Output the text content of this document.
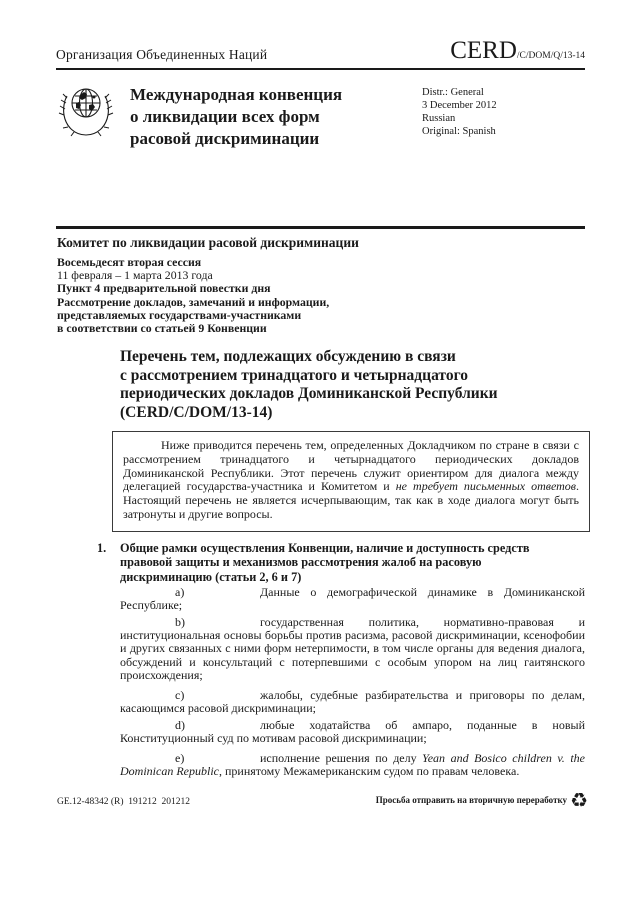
Организация Объединенных Наций	CERD/C/DOM/Q/13-14
Международная конвенция
о ликвидации всех форм
расовой дискриминации
Distr.: General
3 December 2012
Russian
Original: Spanish
Комитет по ликвидации расовой дискриминации
Восемьдесят вторая сессия
11 февраля – 1 марта 2013 года
Пункт 4 предварительной повестки дня
Рассмотрение докладов, замечаний и информации,
представляемых государствами-участниками
в соответствии со статьей 9 Конвенции
Перечень тем, подлежащих обсуждению в связи
с рассмотрением тринадцатого и четырнадцатого
периодических докладов Доминиканской Республики
(CERD/C/DOM/13-14)

Ниже приводится перечень тем, определенных Докладчиком по стране в связи с рассмотрением тринадцатого и четырнадцатого периодических докладов Доминиканской Республики. Этот перечень служит ориентиром для диалога между делегацией государства-участника и Комитетом и не требует письменных ответов. Настоящий перечень не является исчерпывающим, так как в ходе диалога могут быть затронуты и другие вопросы.

1. Общие рамки осуществления Конвенции, наличие и доступность средств
правовой защиты и механизмов рассмотрения жалоб на расовую
дискриминацию (статьи 2, 6 и 7)

a)	Данные о демографической динамике в Доминиканской Республике;

b)	государственная политика, нормативно-правовая и институциональная основы борьбы против расизма, расовой дискриминации, ксенофобии и других связанных с ними форм нетерпимости, в том числе органы для ведения диалога, обсуждений и консультаций с потерпевшими с особым упором на лиц гаитянского происхождения;

c)	жалобы, судебные разбирательства и приговоры по делам, касающимся расовой дискриминации;

d)	любые ходатайства об ампаро, поданные в новый Конституционный суд по мотивам расовой дискриминации;

e)	исполнение решения по делу Yean and Bosico children v. the Dominican Republic, принятому Межамериканским судом по правам человека.

GE.12-48342 (R)  191212  201212	Просьба отправить на вторичную переработку ♻
